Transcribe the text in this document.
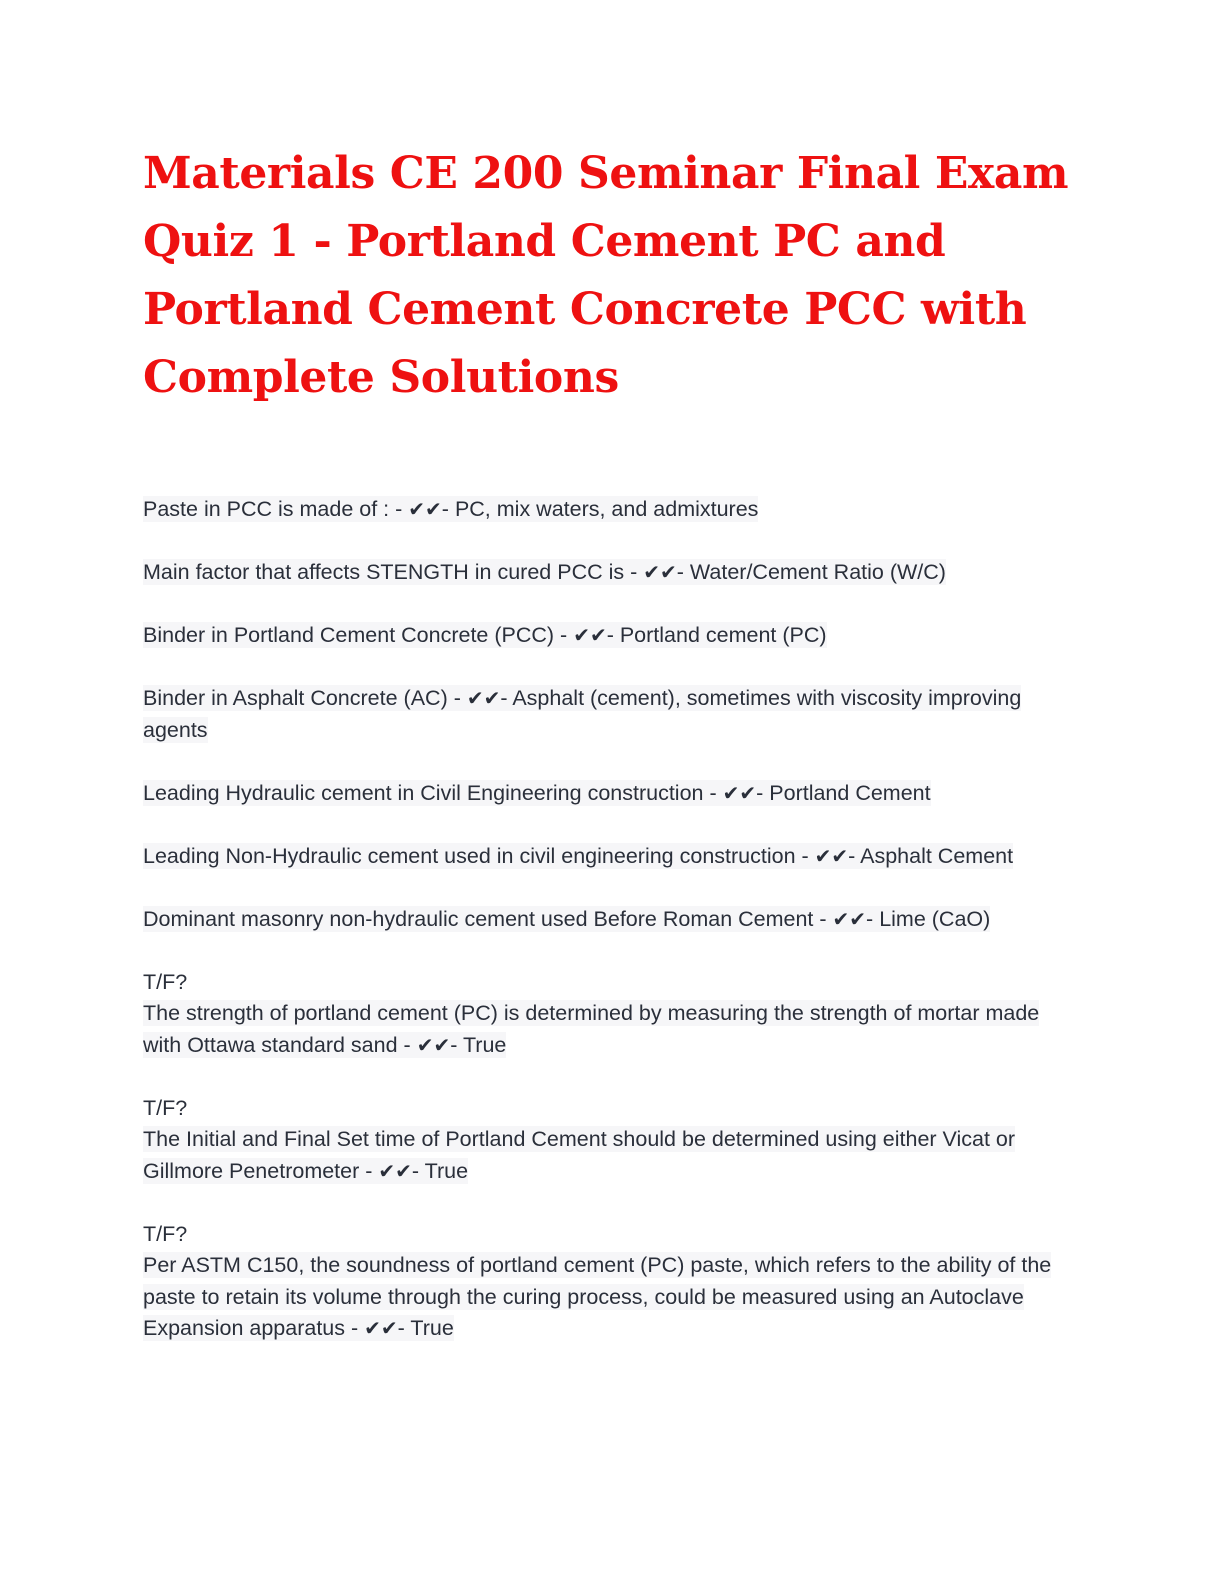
Materials CE 200 Seminar Final Exam Quiz 1 - Portland Cement PC and Portland Cement Concrete PCC with Complete Solutions
Paste in PCC is made of : - ✔✔- PC, mix waters, and admixtures
Main factor that affects STENGTH in cured PCC is - ✔✔- Water/Cement Ratio (W/C)
Binder in Portland Cement Concrete (PCC) - ✔✔- Portland cement (PC)
Binder in Asphalt Concrete (AC) - ✔✔- Asphalt (cement), sometimes with viscosity improving agents
Leading Hydraulic cement in Civil Engineering construction - ✔✔- Portland Cement
Leading Non-Hydraulic cement used in civil engineering construction - ✔✔- Asphalt Cement
Dominant masonry non-hydraulic cement used Before Roman Cement - ✔✔- Lime (CaO)
T/F?
The strength of portland cement (PC) is determined by measuring the strength of mortar made with Ottawa standard sand - ✔✔- True
T/F?
The Initial and Final Set time of Portland Cement should be determined using either Vicat or Gillmore Penetrometer - ✔✔- True
T/F?
Per ASTM C150, the soundness of portland cement (PC) paste, which refers to the ability of the paste to retain its volume through the curing process, could be measured using an Autoclave Expansion apparatus - ✔✔- True
